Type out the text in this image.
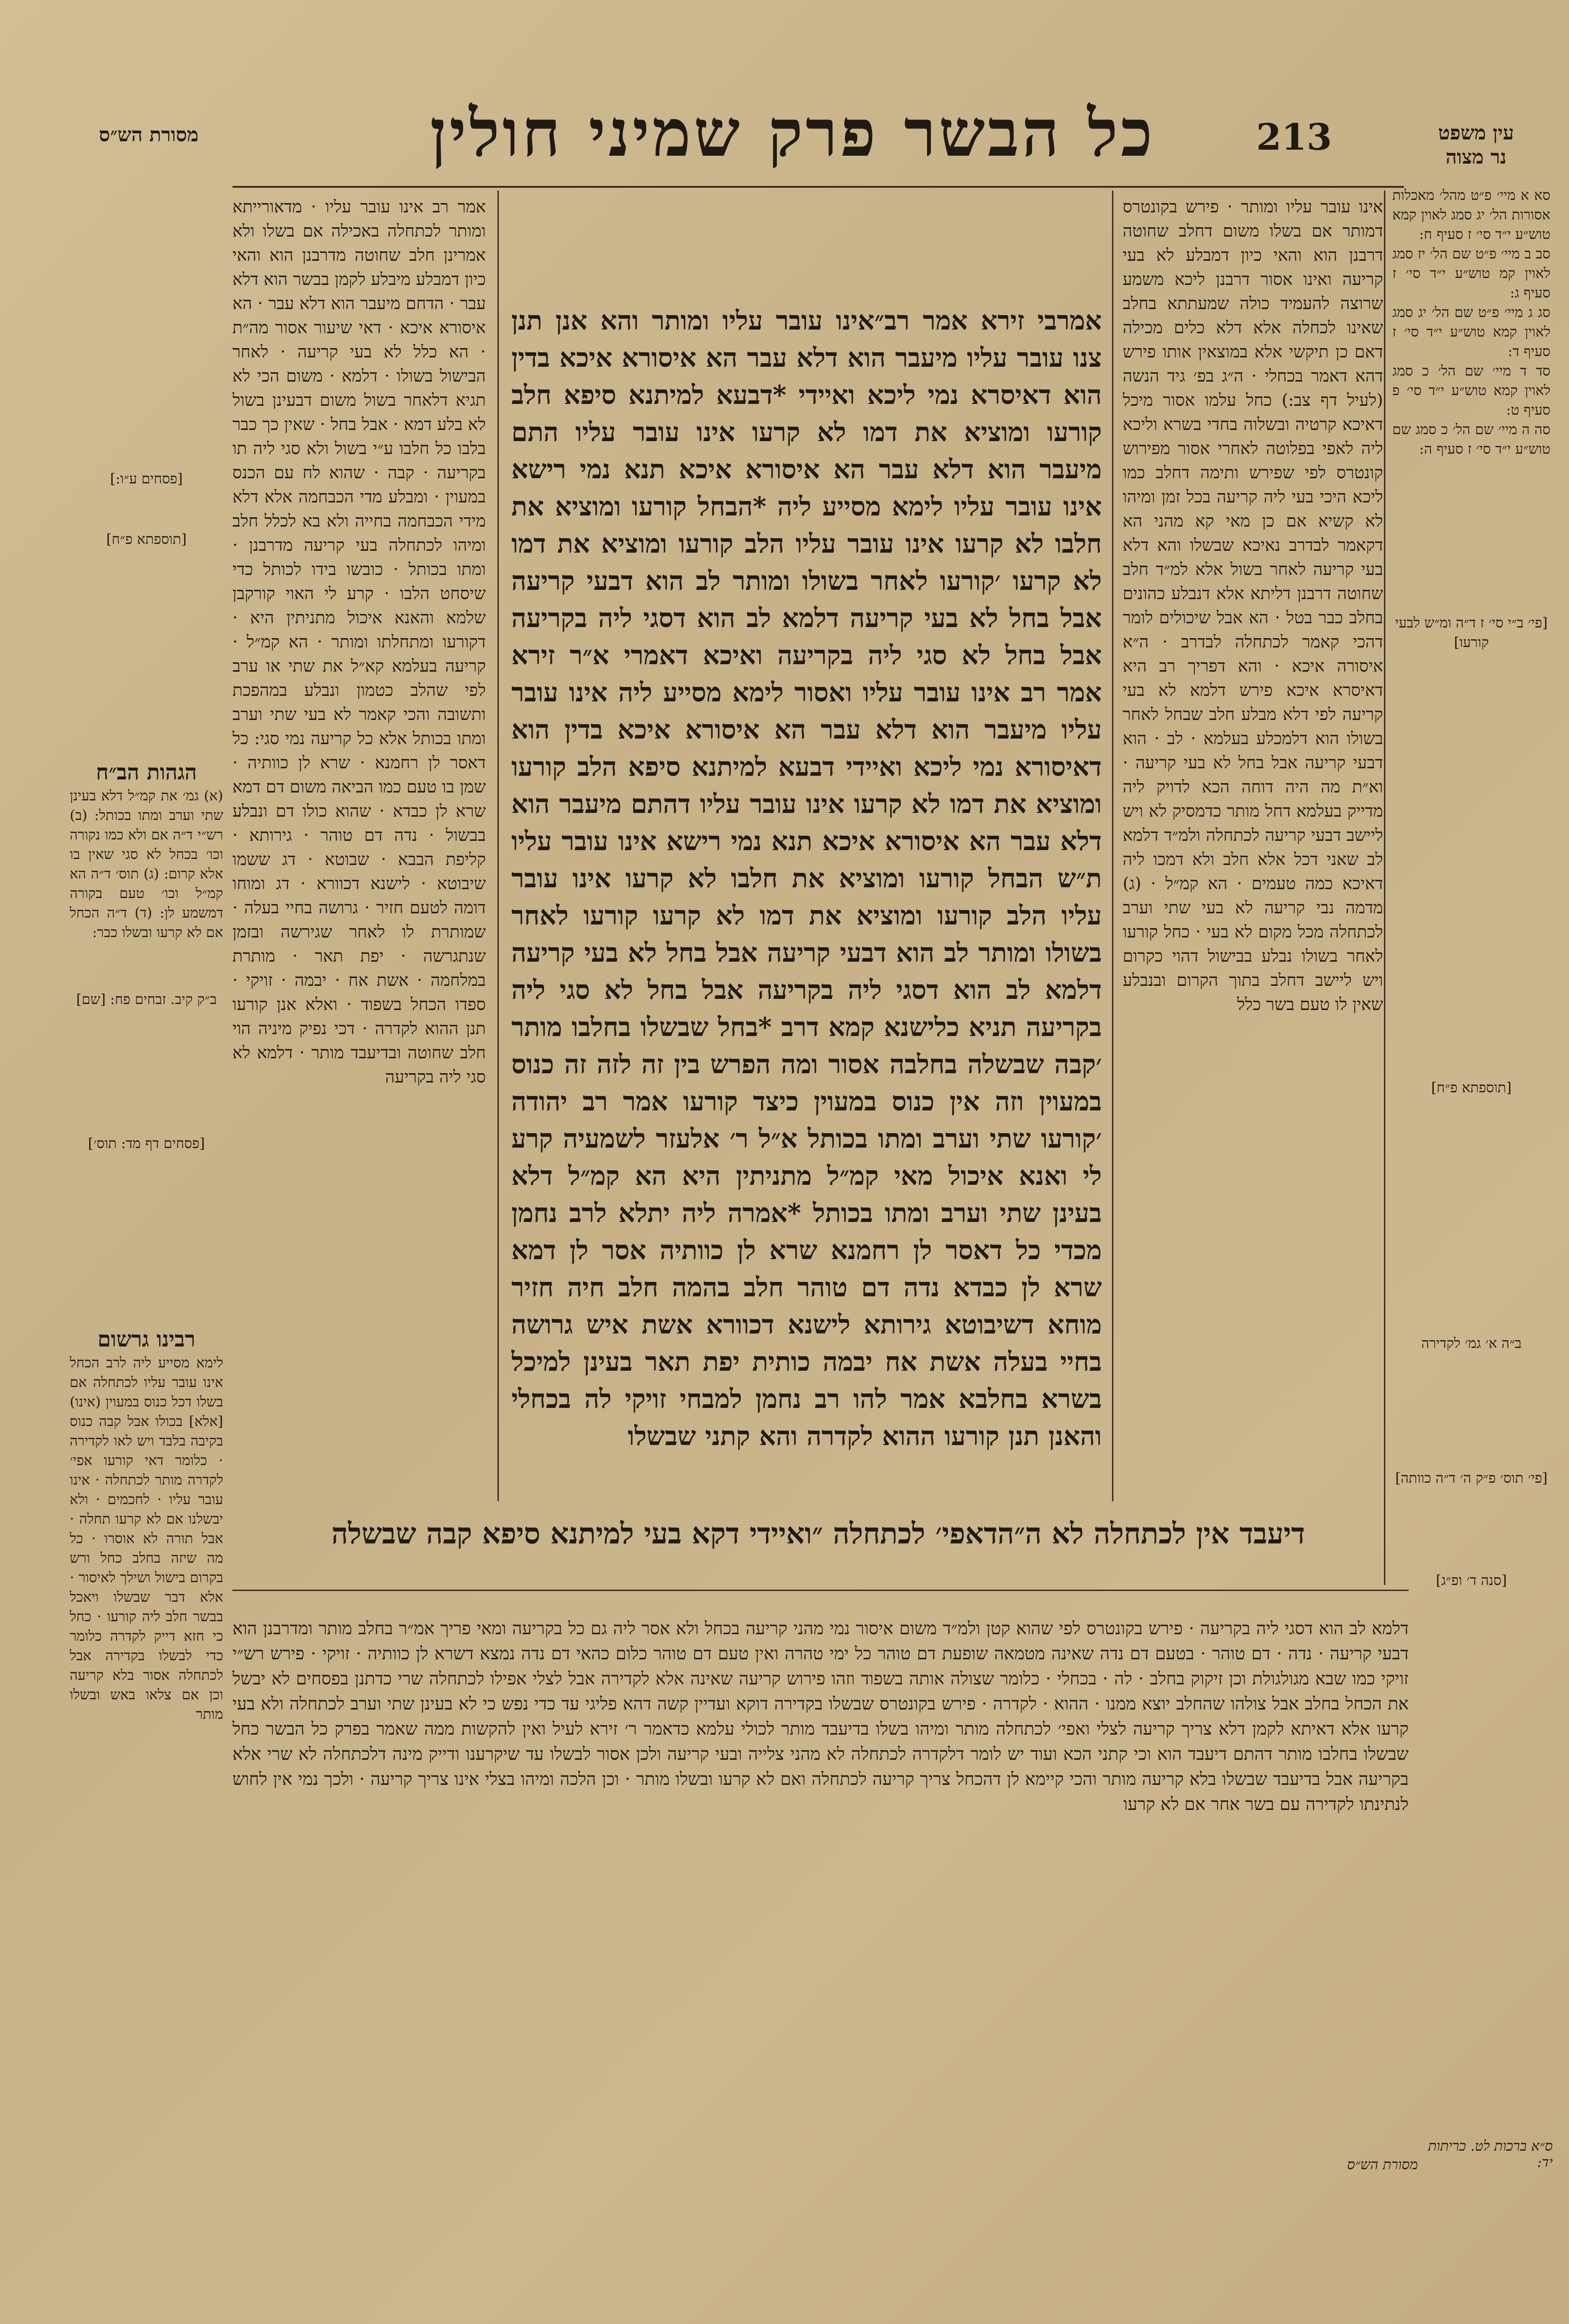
עין משפט
נר מצוה
213
כל הבשר פרק שמיני חולין
מסורת הש״ס

סא א מיי׳ פ״ט מהל׳ מאכלות אסורות הל׳ יג סמג לאוין קמא טוש״ע י״ד סי׳ ז סעיף ח:

סב ב מיי׳ פ״ט שם הל׳ יז סמג לאוין קמ טוש״ע י״ד סי׳ ז סעיף ג:

סג ג מיי׳ פ״ט שם הל׳ יג סמג לאוין קמא טוש״ע י״ד סי׳ ז סעיף ד:

סד ד מיי׳ שם הל׳ כ סמג לאוין קמא טוש״ע י״ד סי׳ פ סעיף ט:

סה ה מיי׳ שם הל׳ כ סמג שם טוש״ע י״ד סי׳ ז סעיף ה:

[פי׳ ב״י סי׳ ז ד״ה ומ״ש לבעי קורעו]
[תוספתא פ״ח]
ב״ה א׳ גמ׳ לקדירה
[פי׳ תוס׳ פ״ק ה׳ ד״ה כוותה]
[סנה ד׳ ופ״ג]

אינו עובר עליו ומותר · פירש בקונטרס דמותר אם בשלו משום דחלב שחוטה דרבנן הוא והאי כיון דמבלע לא בעי קריעה ואינו אסור דרבנן ליכא משמע שרוצה להעמיד כולה שמעתתא בחלב שאינו לכחלה אלא דלא כלים מכילה דאם כן תיקשי אלא במוצאין אותו פירש דהא דאמר בכחלי · ה״ג בפ׳ גיד הנשה (לעיל דף צב:) כחל עלמו אסור מיכל דאיכא קרטיה ובשלוה בחדי בשרא וליכא ליה לאפי בפלוטה לאחרי אסור מפירוש קונטרס לפי שפירש ותימה דחלב כמו ליכא היכי בעי ליה קריעה בכל זמן ומיהו לא קשיא אם כן מאי קא מהני הא דקאמר לבדרב נאיכא שבשלו והא דלא בעי קריעה לאחר בשול אלא למ״ד חלב שחוטה דרבנן דליתא אלא דנבלע כהונים בחלב כבר בטל · הא אבל שיכולים לומר דהכי קאמר לכתחלה לבדרב · ה״א איסורה איכא · והא דפריך רב היא דאיסרא איכא פירש דלמא לא בעי קריעה לפי דלא מבלע חלב שבחל לאחר בשולו הוא דלמכלע בעלמא · לב · הוא דבעי קריעה אבל בחל לא בעי קריעה · וא״ת מה היה דוחה הכא לדויק ליה מדייק בעלמא דחל מותר כדמסיק לא ויש ליישב דבעי קריעה לכתחלה ולמ״ד דלמא לב שאני דכל אלא חלב ולא דמכו ליה דאיכא כמה טעמים · הא קמ״ל · (ג) מדמה נבי קריעה לא בעי שתי וערב לכתחלה מכל מקום לא בעי · כחל קורעו לאחר בשולו נבלע בבישול דהוי כקרום ויש ליישב דחלב בתוך הקרום ובנבלע שאין לו טעם בשר כלל

אמרבי זירא אמר רב״אינו עובר עליו ומותר והא אנן תנן צנו עובר עליו מיעבר הוא דלא עבר הא איסורא איכא בדין הוא דאיסרא נמי ליכא ואיידי *דבעא למיתנא סיפא חלב קורעו ומוציא את דמו לא קרעו אינו עובר עליו התם מיעבר הוא דלא עבר הא איסורא איכא תנא נמי רישא אינו עובר עליו לימא מסייע ליה *הבחל קורעו ומוציא את חלבו לא קרעו אינו עובר עליו הלב קורעו ומוציא את דמו לא קרעו ׳קורעו לאחר בשולו ומותר לב הוא דבעי קריעה אבל בחל לא בעי קריעה דלמא לב הוא דסגי ליה בקריעה אבל בחל לא סגי ליה בקריעה ואיכא דאמרי א״ר זירא אמר רב אינו עובר עליו ואסור לימא מסייע ליה אינו עובר עליו מיעבר הוא דלא עבר הא איסורא איכא בדין הוא דאיסורא נמי ליכא ואיידי דבעא למיתנא סיפא הלב קורעו ומוציא את דמו לא קרעו אינו עובר עליו דהתם מיעבר הוא דלא עבר הא איסורא איכא תנא נמי רישא אינו עובר עליו ת״ש הבחל קורעו ומוציא את חלבו לא קרעו אינו עובר עליו הלב קורעו ומוציא את דמו לא קרעו קורעו לאחר בשולו ומותר לב הוא דבעי קריעה אבל בחל לא בעי קריעה דלמא לב הוא דסגי ליה בקריעה אבל בחל לא סגי ליה בקריעה תניא כלישנא קמא דרב *בחל שבשלו בחלבו מותר ׳קבה שבשלה בחלבה אסור ומה הפרש בין זה לזה זה כנוס במעוין וזה אין כנוס במעוין כיצד קורעו אמר רב יהודה ׳קורעו שתי וערב ומתו בכותל א״ל ר׳ אלעזר לשמעיה קרע לי ואנא איכול מאי קמ״ל מתניתין היא הא קמ״ל דלא בעינן שתי וערב ומתו בכותל *אמרה ליה יתלא לרב נחמן מכדי כל דאסר לן רחמנא שרא לן כוותיה אסר לן דמא שרא לן כבדא נדה דם טוהר חלב בהמה חלב חיה חזיר מוחא דשיבוטא גירותא לישנא דכוורא אשת איש גרושה בחיי בעלה אשת אח יבמה כותית יפת תאר בעינן למיכל בשרא בחלבא אמר להו רב נחמן למבחי זויקי לה בכחלי והאנן תנן קורעו ההוא לקדרה והא קתני שבשלו

אמר רב אינו עובר עליו · מדאורייתא ומותר לכתחלה באכילה אם בשלו ולא אמרינן חלב שחוטה מדרבנן הוא והאי כיון דמבלע מיבלע לקמן בבשר הוא דלא עבר · הדחם מיעבר הוא דלא עבר · הא איסורא איכא · דאי שיעור אסור מה״ת · הא כלל לא בעי קריעה · לאחר הבישול בשולו · דלמא · משום הכי לא תגיא דלאחר בשול משום דבעינן בשול לא בלע דמא · אבל בחל · שאין כך כבר בלבו כל חלבו ע״י בשול ולא סגי ליה תו בקריעה · קבה · שהוא לח עם הכנס במעוין · ומבלע מדי הכבחמה אלא דלא מידי הכבחמה בחייה ולא בא לכלל חלב ומיהו לכתחלה בעי קריעה מדרבנן · ומתו בכותל · כובשו בידו לכותל כדי שיסחט הלבו · קרע לי האוי קורקבן שלמא והאנא איכול מתניתין היא · דקורעו ומתחלתו ומותר · הא קמ״ל · קריעה בעלמא קא״ל את שתי או ערב לפי שהלב כטמון ונבלע במהפכת ותשובה והכי קאמר לא בעי שתי וערב ומתו בכותל אלא כל קריעה נמי סגי: כל דאסר לן רחמנא · שרא לן כוותיה · שמן בו טעם כמו הביאה משום דם דמא שרא לן כבדא · שהוא כולו דם ונבלע בבשול · נדה דם טוהר · גירותא · קליפת הבבא · שבוטא · דג ששמו שיבוטא · לישנא דכוורא · דג ומוחו דומה לטעם חזיר · גרושה בחיי בעלה · שמותרת לו לאחר שגירשה ובזמן שנתגרשה · יפת תאר · מותרת במלחמה · אשת אח · יבמה · זויקי · ספדו הכחל בשפוד · ואלא אנן קורעו תנן ההוא לקדרה · דכי נפיק מיניה הוי חלב שחוטה ובדיעבד מותר · דלמא לא סגי ליה בקריעה

[פסחים ע״ו:]
[תוספתא פ״ח]
[פסחים דף מד: תוס׳]
ב״ק קיב. זבחים פח: [שם]
הגהות הב״ח

(א) גמ׳ את קמ״ל דלא בעינן שתי וערב ומתו בכותל: (ב) רש״י ד״ה אם ולא כמו נקורה וכו׳ בכחל לא סגי שאין בו אלא קרום: (ג) תוס׳ ד״ה הא קמ״ל וכו׳ טעם בקורה דמשמע לן: (ד) ד״ה הכחל אם לא קרעו ובשלו כבר:

רבינו גרשום

לימא מסייע ליה לרב הכחל אינו עובר עליו לכתחלה אם בשלו דכל כנוס במעוין (אינו) [אלא] בכולו אבל קבה כנוס בקיבה בלבד ויש לאו לקדירה · כלומר דאי קורעו אפי׳ לקדרה מותר לכתחלה · אינו עובר עליו · לחכמים · ולא יבשלנו אם לא קרעו תחלה · אבל תורה לא אוסרו · כל מה שיזה בחלב כחל ורש בקרום בישול ושילך לאיסור · אלא דבר שבשלו ויאכל בבשר חלב ליה קורעו · כחל כי חזא דייק לקדרה כלומר כדי לבשלו בקדירה אבל לכתחלה אסור בלא קריעה וכן אם צלאו באש ובשלו מותר

דיעבד אין לכתחלה לא ה״הדאפי׳ לכתחלה ״ואיידי דקא בעי למיתנא סיפא קבה שבשלה

דלמא לב הוא דסגי ליה בקריעה · פירש בקונטרס לפי שהוא קטן ולמ״ד משום איסור נמי מהני קריעה בכחל ולא אסר ליה גם כל בקריעה ומאי פריך אמ״ר בחלב מותר ומדרבנן הוא דבעי קריעה · נדה · דם טוהר · בטעם דם נדה שאינה מטמאה שופעת דם טוהר כל ימי טהרה ואין טעם דם טוהר כלום כהאי דם נדה נמצא דשרא לן כוותיה · זויקי · פירש רש״י זויקי כמו שבא מגולגולת וכן זיקוק בחלב · לה · בכחלי · כלומר שצולה אותה בשפוד וזהו פירוש קריעה שאינה אלא לקדירה אבל לצלי אפילו לכתחלה שרי כדתנן בפסחים לא יבשל את הכחל בחלב אבל צולהו שהחלב יוצא ממנו · ההוא · לקדרה · פירש בקונטרס שבשלו בקדירה דוקא ועדיין קשה דהא פליגי עד כדי נפש כי לא בעינן שתי וערב לכתחלה ולא בעי קרעו אלא דאיתא לקמן דלא צריך קריעה לצלי ואפי׳ לכתחלה מותר ומיהו בשלו בדיעבד מותר לכולי עלמא כדאמר ר׳ זירא לעיל ואין להקשות ממה שאמר בפרק כל הבשר כחל שבשלו בחלבו מותר דהתם דיעבד הוא וכי קתני הכא ועוד יש לומר דלקדרה לכתחלה לא מהני צלייה ובעי קריעה ולכן אסור לבשלו עד שיקרענו ודייק מינה דלכתחלה לא שרי אלא בקריעה אבל בדיעבד שבשלו בלא קריעה מותר והכי קיימא לן דהכחל צריך קריעה לכתחלה ואם לא קרעו ובשלו מותר · וכן הלכה ומיהו בצלי אינו צריך קריעה · ולכך נמי אין לחוש לנתינתו לקדירה עם בשר אחר אם לא קרעו

ס״א ברכות לט. כריתות יד:
מסורת הש״ס
